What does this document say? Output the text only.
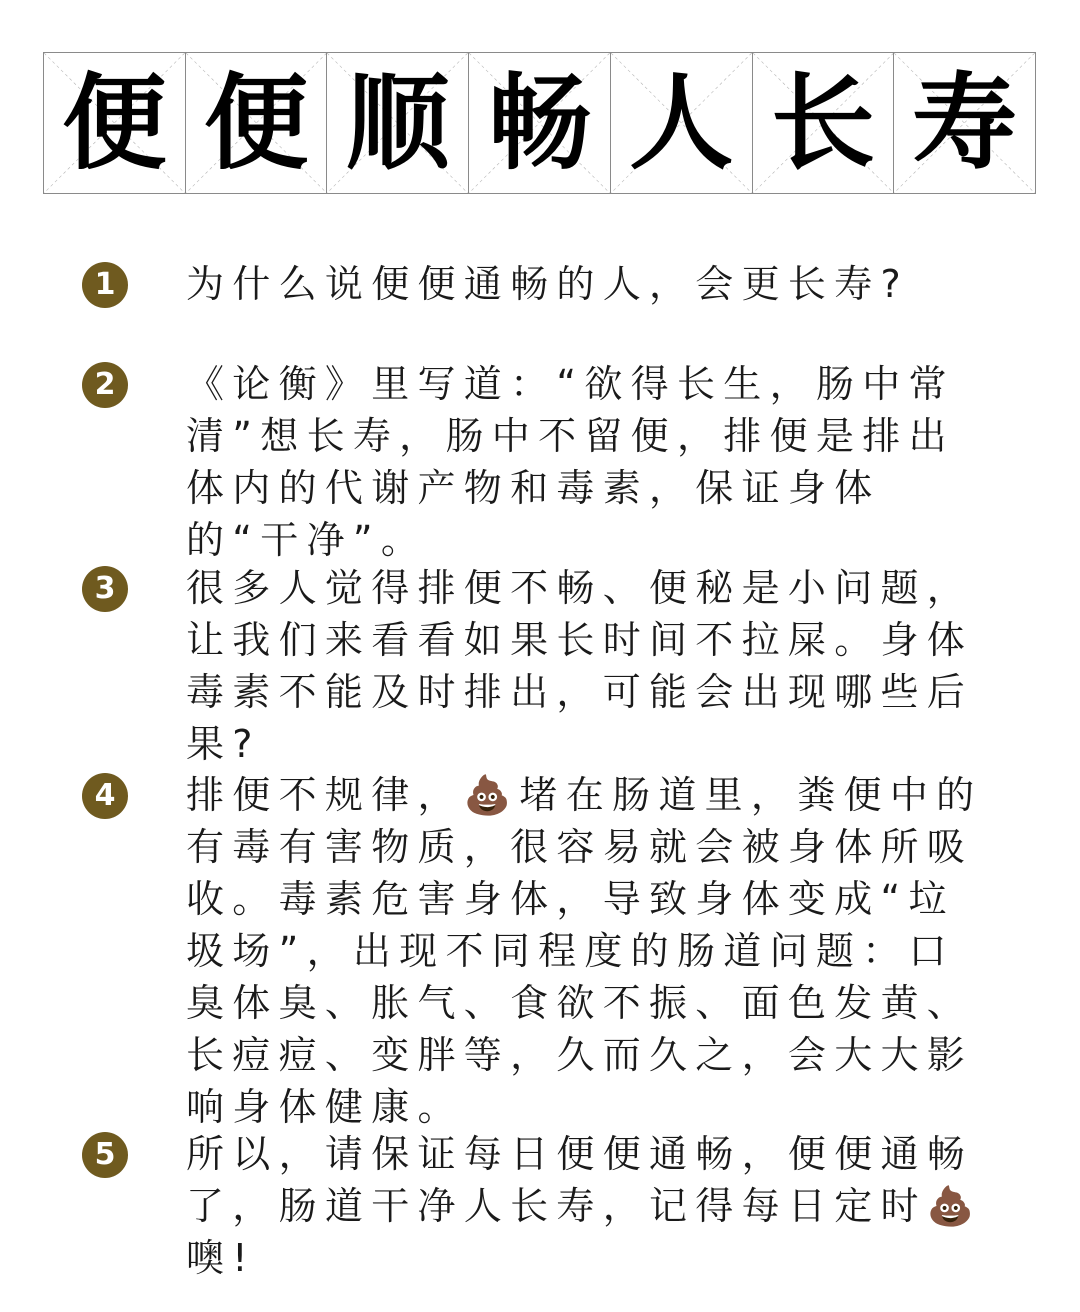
便 便 顺 畅 人 长 寿
1	为什么说便便通畅的人，会更长寿?
2	《论衡》里写道：“欲得长生，肠中常清”想长寿，肠中不留便，排便是排出体内的代谢产物和毒素，保证身体的“干净”。
3	很多人觉得排便不畅、便秘是小问题，让我们来看看如果长时间不拉屎。身体毒素不能及时排出，可能会出现哪些后果?
4	排便不规律，💩堵在肠道里，粪便中的有毒有害物质，很容易就会被身体所吸收。毒素危害身体，导致身体变成“垃圾场”，出现不同程度的肠道问题：口臭体臭、胀气、食欲不振、面色发黄、长痘痘、变胖等，久而久之，会大大影响身体健康。
5	所以，请保证每日便便通畅，便便通畅了，肠道干净人长寿，记得每日定时💩噢!
